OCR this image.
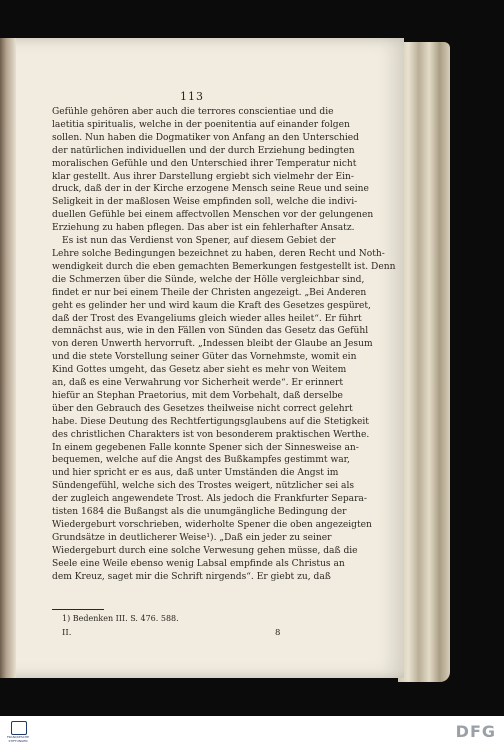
113
Gefühle gehören aber auch die terrores conscientiae und die
laetitia spiritualis, welche in der poenitentia auf einander folgen
sollen. Nun haben die Dogmatiker von Anfang an den Unterschied
der natürlichen individuellen und der durch Erziehung bedingten
moralischen Gefühle und den Unterschied ihrer Temperatur nicht
klar gestellt. Aus ihrer Darstellung ergiebt sich vielmehr der Ein-
druck, daß der in der Kirche erzogene Mensch seine Reue und seine
Seligkeit in der maßlosen Weise empfinden soll, welche die indivi-
duellen Gefühle bei einem affectvollen Menschen vor der gelungenen
Erziehung zu haben pflegen. Das aber ist ein fehlerhafter Ansatz.
Es ist nun das Verdienst von Spener, auf diesem Gebiet der
Lehre solche Bedingungen bezeichnet zu haben, deren Recht und Noth-
wendigkeit durch die eben gemachten Bemerkungen festgestellt ist. Denn
die Schmerzen über die Sünde, welche der Hölle vergleichbar sind,
findet er nur bei einem Theile der Christen angezeigt. „Bei Anderen
geht es gelinder her und wird kaum die Kraft des Gesetzes gespüret,
daß der Trost des Evangeliums gleich wieder alles heilet“. Er führt
demnächst aus, wie in den Fällen von Sünden das Gesetz das Gefühl
von deren Unwerth hervorruft. „Indessen bleibt der Glaube an Jesum
und die stete Vorstellung seiner Güter das Vornehmste, womit ein
Kind Gottes umgeht, das Gesetz aber sieht es mehr von Weitem
an, daß es eine Verwahrung vor Sicherheit werde“. Er erinnert
hiefür an Stephan Praetorius, mit dem Vorbehalt, daß derselbe
über den Gebrauch des Gesetzes theilweise nicht correct gelehrt
habe. Diese Deutung des Rechtfertigungsglaubens auf die Stetigkeit
des christlichen Charakters ist von besonderem praktischen Werthe.
In einem gegebenen Falle konnte Spener sich der Sinnesweise an-
bequemen, welche auf die Angst des Bußkampfes gestimmt war,
und hier spricht er es aus, daß unter Umständen die Angst im
Sündengefühl, welche sich des Trostes weigert, nützlicher sei als
der zugleich angewendete Trost. Als jedoch die Frankfurter Separa-
tisten 1684 die Bußangst als die unumgängliche Bedingung der
Wiedergeburt vorschrieben, widerholte Spener die oben angezeigten
Grundsätze in deutlicherer Weise¹). „Daß ein jeder zu seiner
Wiedergeburt durch eine solche Verwesung gehen müsse, daß die
Seele eine Weile ebenso wenig Labsal empfinde als Christus an
dem Kreuz, saget mir die Schrift nirgends“. Er giebt zu, daß
1) Bedenken III. S. 476. 588.
II.	8
FRANCKESCHE STIFTUNGEN	DFG
